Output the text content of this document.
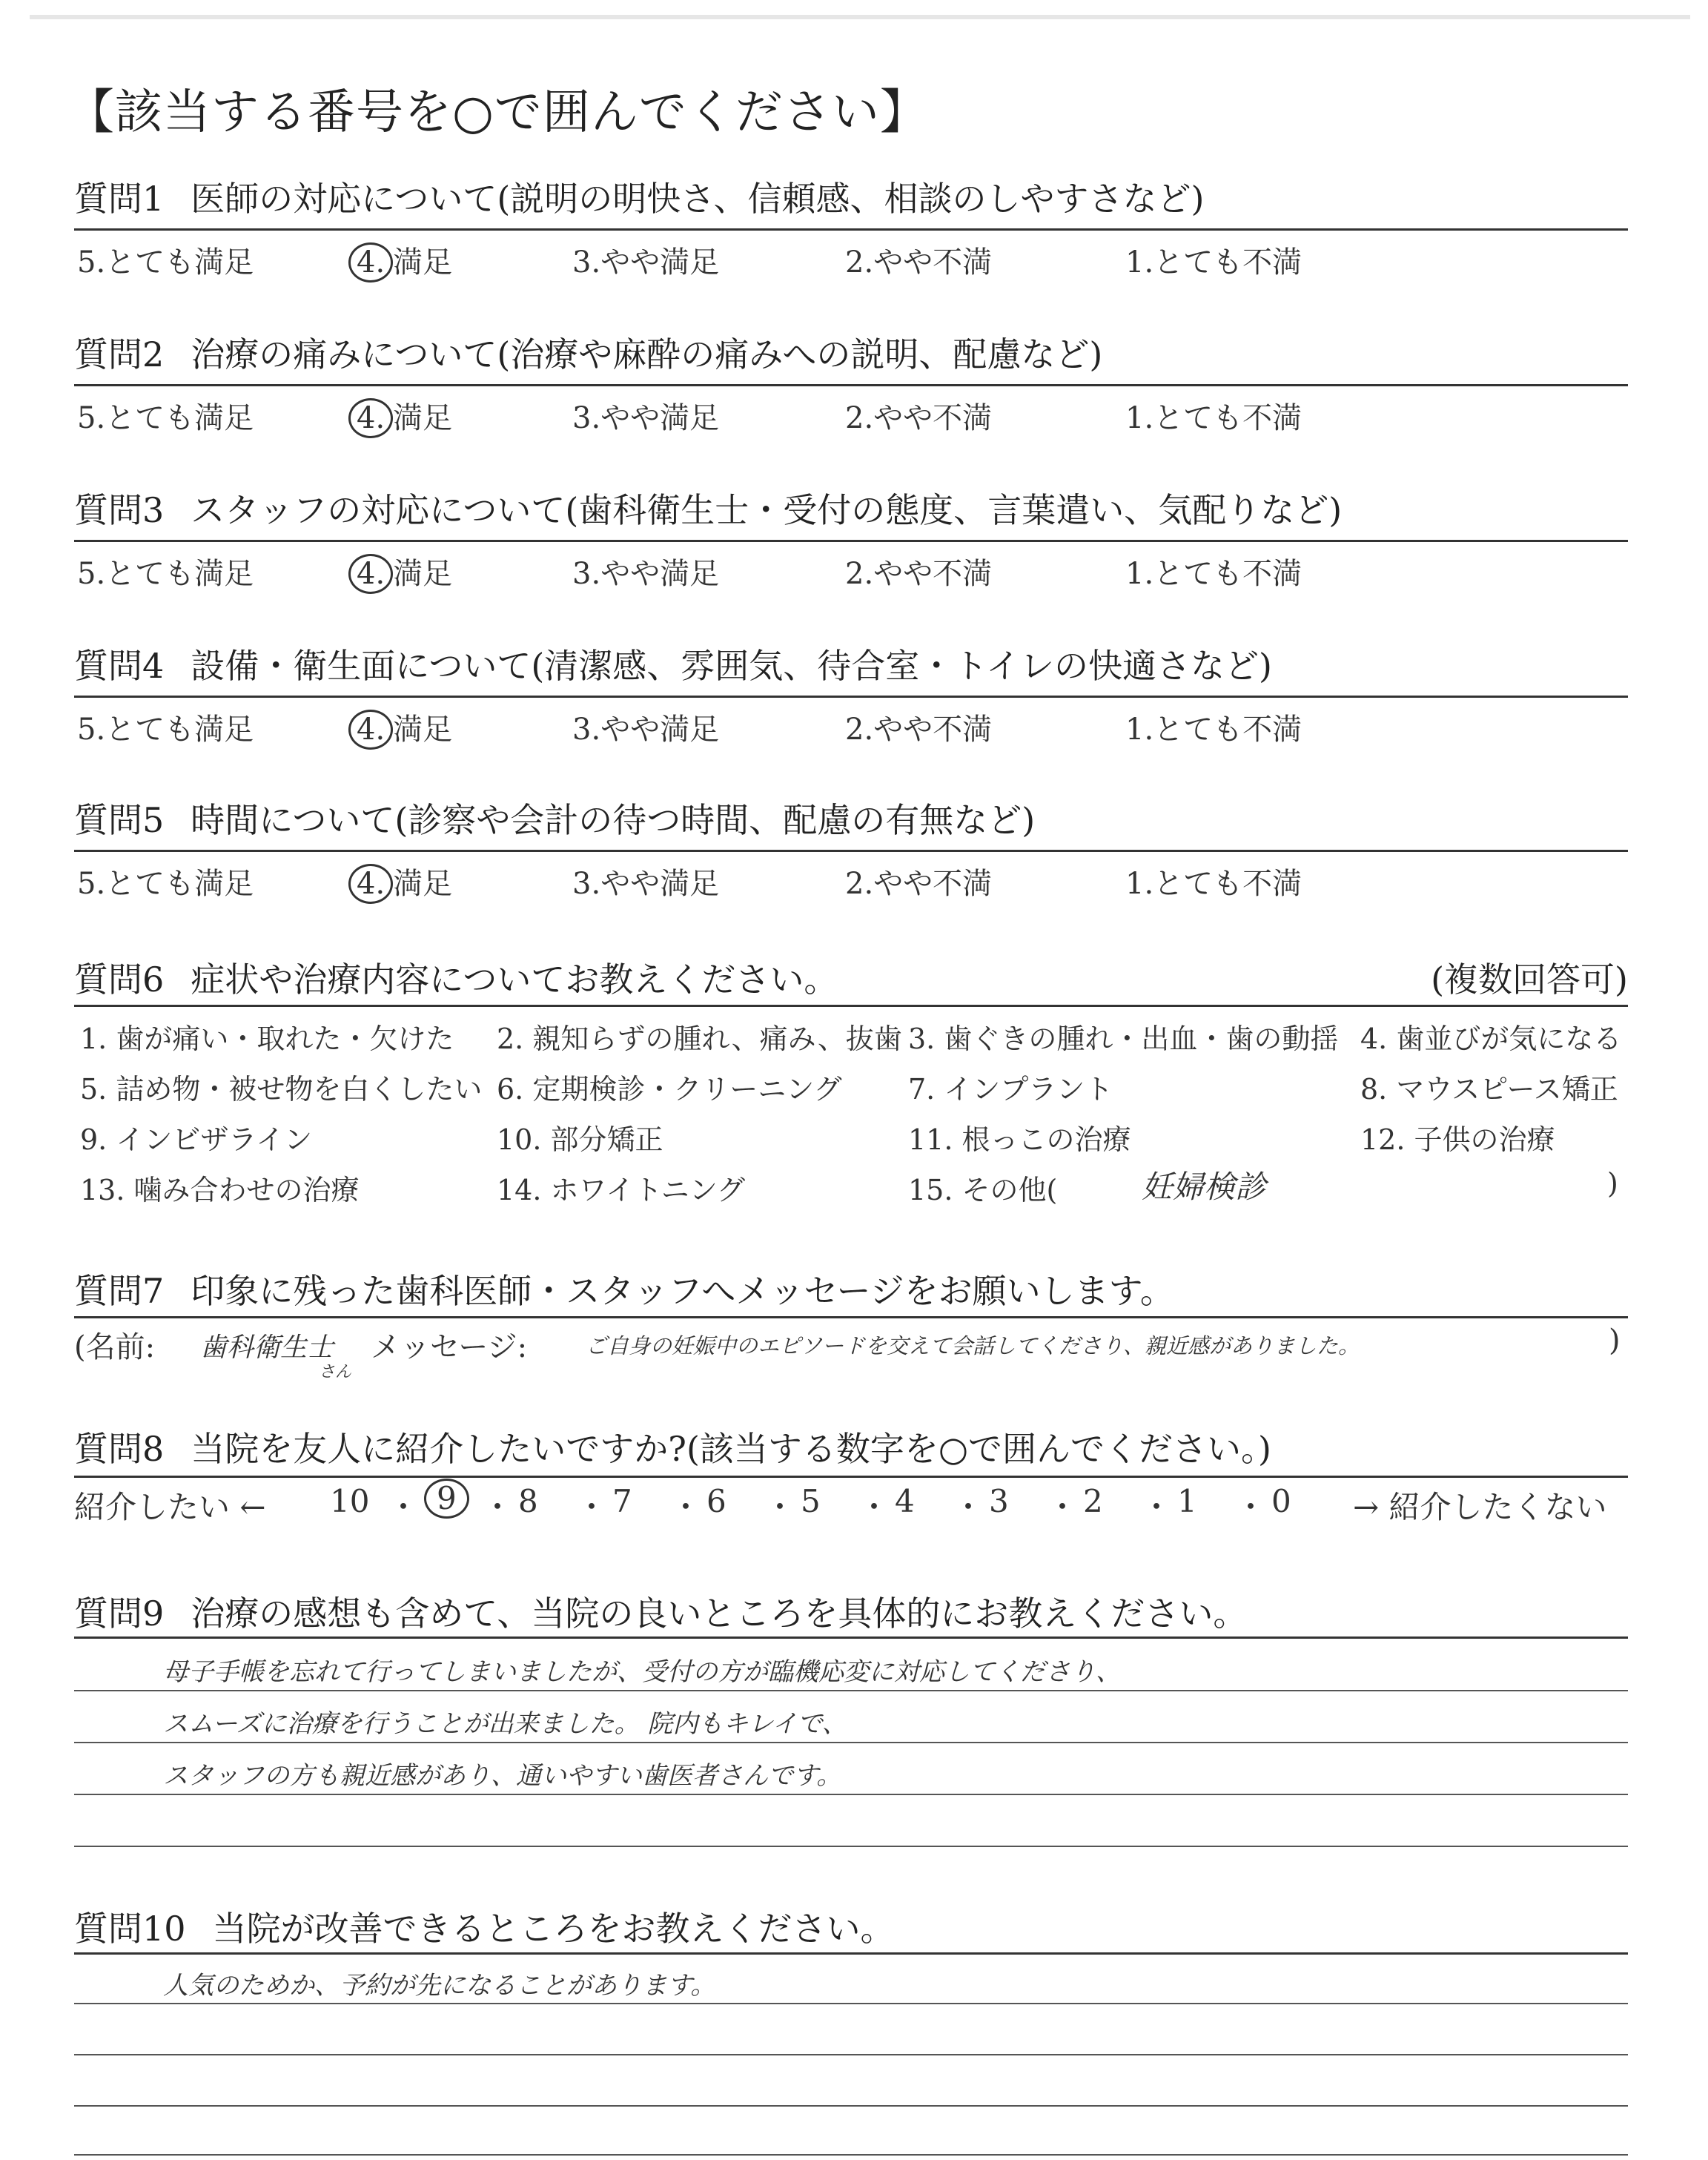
【該当する番号を○で囲んでください】
質問1 医師の対応について(説明の明快さ、信頼感、相談のしやすさなど)
5.とても満足	4. 満足	3.やや満足	2.やや不満	1.とても不満
質問2 治療の痛みについて(治療や麻酔の痛みへの説明、配慮など)
5.とても満足	4. 満足	3.やや満足	2.やや不満	1.とても不満
質問3 スタッフの対応について(歯科衛生士・受付の態度、言葉遣い、気配りなど)
5.とても満足	4. 満足	3.やや満足	2.やや不満	1.とても不満
質問4 設備・衛生面について(清潔感、雰囲気、待合室・トイレの快適さなど)
5.とても満足	4. 満足	3.やや満足	2.やや不満	1.とても不満
質問5 時間について(診察や会計の待つ時間、配慮の有無など)
5.とても満足	4. 満足	3.やや満足	2.やや不満	1.とても不満
質問6 症状や治療内容についてお教えください。	(複数回答可)
1. 歯が痛い・取れた・欠けた 2. 親知らずの腫れ、痛み、抜歯 3. 歯ぐきの腫れ・出血・歯の動揺 4. 歯並びが気になる
5. 詰め物・被せ物を白くしたい 6. 定期検診・クリーニング 7. インプラント	8. マウスピース矯正
9. インビザライン	10. 部分矯正	11. 根っこの治療	12. 子供の治療
13. 噛み合わせの治療	14. ホワイトニング	15. その他(	妊婦検診	)
質問7 印象に残った歯科医師・スタッフへメッセージをお願いします。
(名前: 歯科衛生士
さん
メッセージ:	ご自身の妊娠中のエピソードを交えて会話してくださり、親近感がありました。	)
質問8 当院を友人に紹介したいですか?(該当する数字を○で囲んでください。)
紹介したい ←	→ 紹介したくない
10 ・ 9 ・ 8 ・ 7 ・ 6 ・ 5 ・ 4 ・ 3 ・ 2 ・ 1 ・ 0
質問9 治療の感想も含めて、当院の良いところを具体的にお教えください。
母子手帳を忘れて行ってしまいましたが、受付の方が臨機応変に対応してくださり、
スムーズに治療を行うことが出来ました。 院内もキレイで、
スタッフの方も親近感があり、通いやすい歯医者さんです。
質問10 当院が改善できるところをお教えください。
人気のためか、予約が先になることがあります。
